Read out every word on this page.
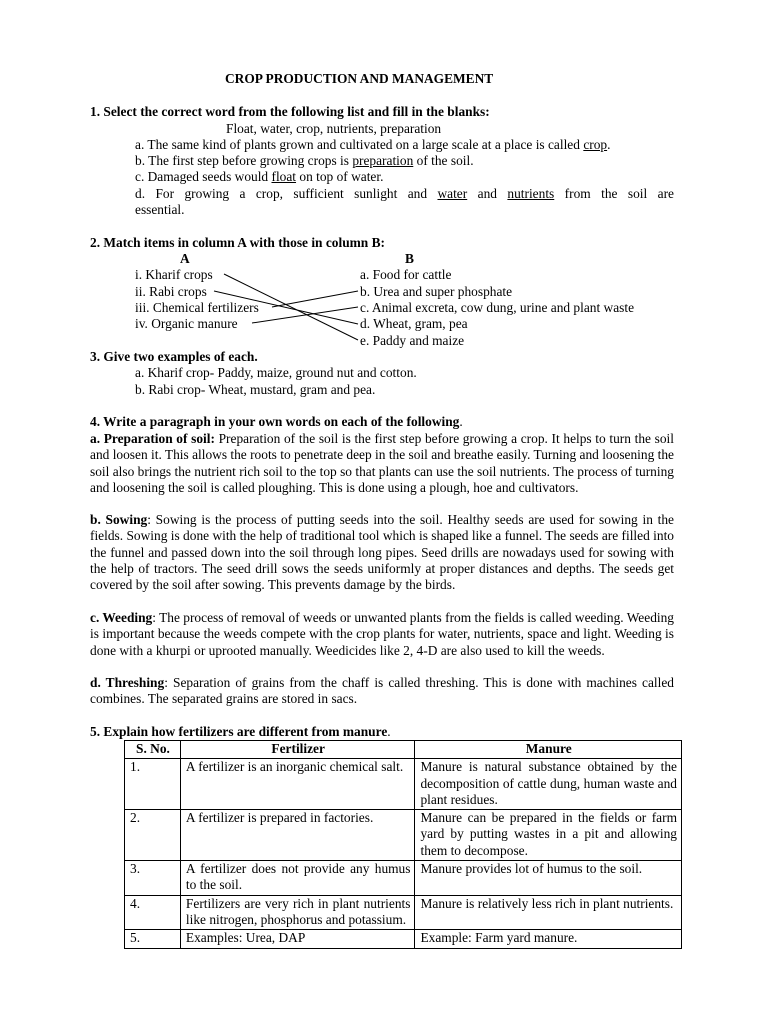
CROP PRODUCTION AND MANAGEMENT
1. Select the correct word from the following list and fill in the blanks:
Float, water, crop, nutrients, preparation
a. The same kind of plants grown and cultivated on a large scale at a place is called crop.
b. The first step before growing crops is preparation of the soil.
c. Damaged seeds would float on top of water.
d. For growing a crop, sufficient sunlight and water and nutrients from the soil are
essential.
2. Match items in column A with those in column B:
A	B
i. Kharif crops
ii. Rabi crops
iii. Chemical fertilizers
iv. Organic manure
a. Food for cattle
b. Urea and super phosphate
c. Animal excreta, cow dung, urine and plant waste
d. Wheat, gram, pea
e. Paddy and maize
3. Give two examples of each.
a. Kharif crop- Paddy, maize, ground nut and cotton.
b. Rabi crop- Wheat, mustard, gram and pea.
4. Write a paragraph in your own words on each of the following.
a. Preparation of soil: Preparation of the soil is the first step before growing a crop. It helps to turn the soil and loosen it. This allows the roots to penetrate deep in the soil and breathe easily. Turning and loosening the soil also brings the nutrient rich soil to the top so that plants can use the soil nutrients. The process of turning and loosening the soil is called ploughing. This is done using a plough, hoe and cultivators.
b. Sowing: Sowing is the process of putting seeds into the soil. Healthy seeds are used for sowing in the fields. Sowing is done with the help of traditional tool which is shaped like a funnel. The seeds are filled into the funnel and passed down into the soil through long pipes. Seed drills are nowadays used for sowing with the help of tractors. The seed drill sows the seeds uniformly at proper distances and depths. The seeds get covered by the soil after sowing. This prevents damage by the birds.
c. Weeding: The process of removal of weeds or unwanted plants from the fields is called weeding. Weeding is important because the weeds compete with the crop plants for water, nutrients, space and light. Weeding is done with a khurpi or uprooted manually. Weedicides like 2, 4-D are also used to kill the weeds.
d. Threshing: Separation of grains from the chaff is called threshing. This is done with machines called combines. The separated grains are stored in sacs.
5. Explain how fertilizers are different from manure.
S. No.	Fertilizer	Manure
1.	A fertilizer is an inorganic chemical salt.	Manure is natural substance obtained by the decomposition of cattle dung, human waste and plant residues.
2.	A fertilizer is prepared in factories.	Manure can be prepared in the fields or farm yard by putting wastes in a pit and allowing them to decompose.
3.	A fertilizer does not provide any humus to the soil.	Manure provides lot of humus to the soil.
4.	Fertilizers are very rich in plant nutrients like nitrogen, phosphorus and potassium.	Manure is relatively less rich in plant nutrients.
5.	Examples: Urea, DAP	Example: Farm yard manure.
